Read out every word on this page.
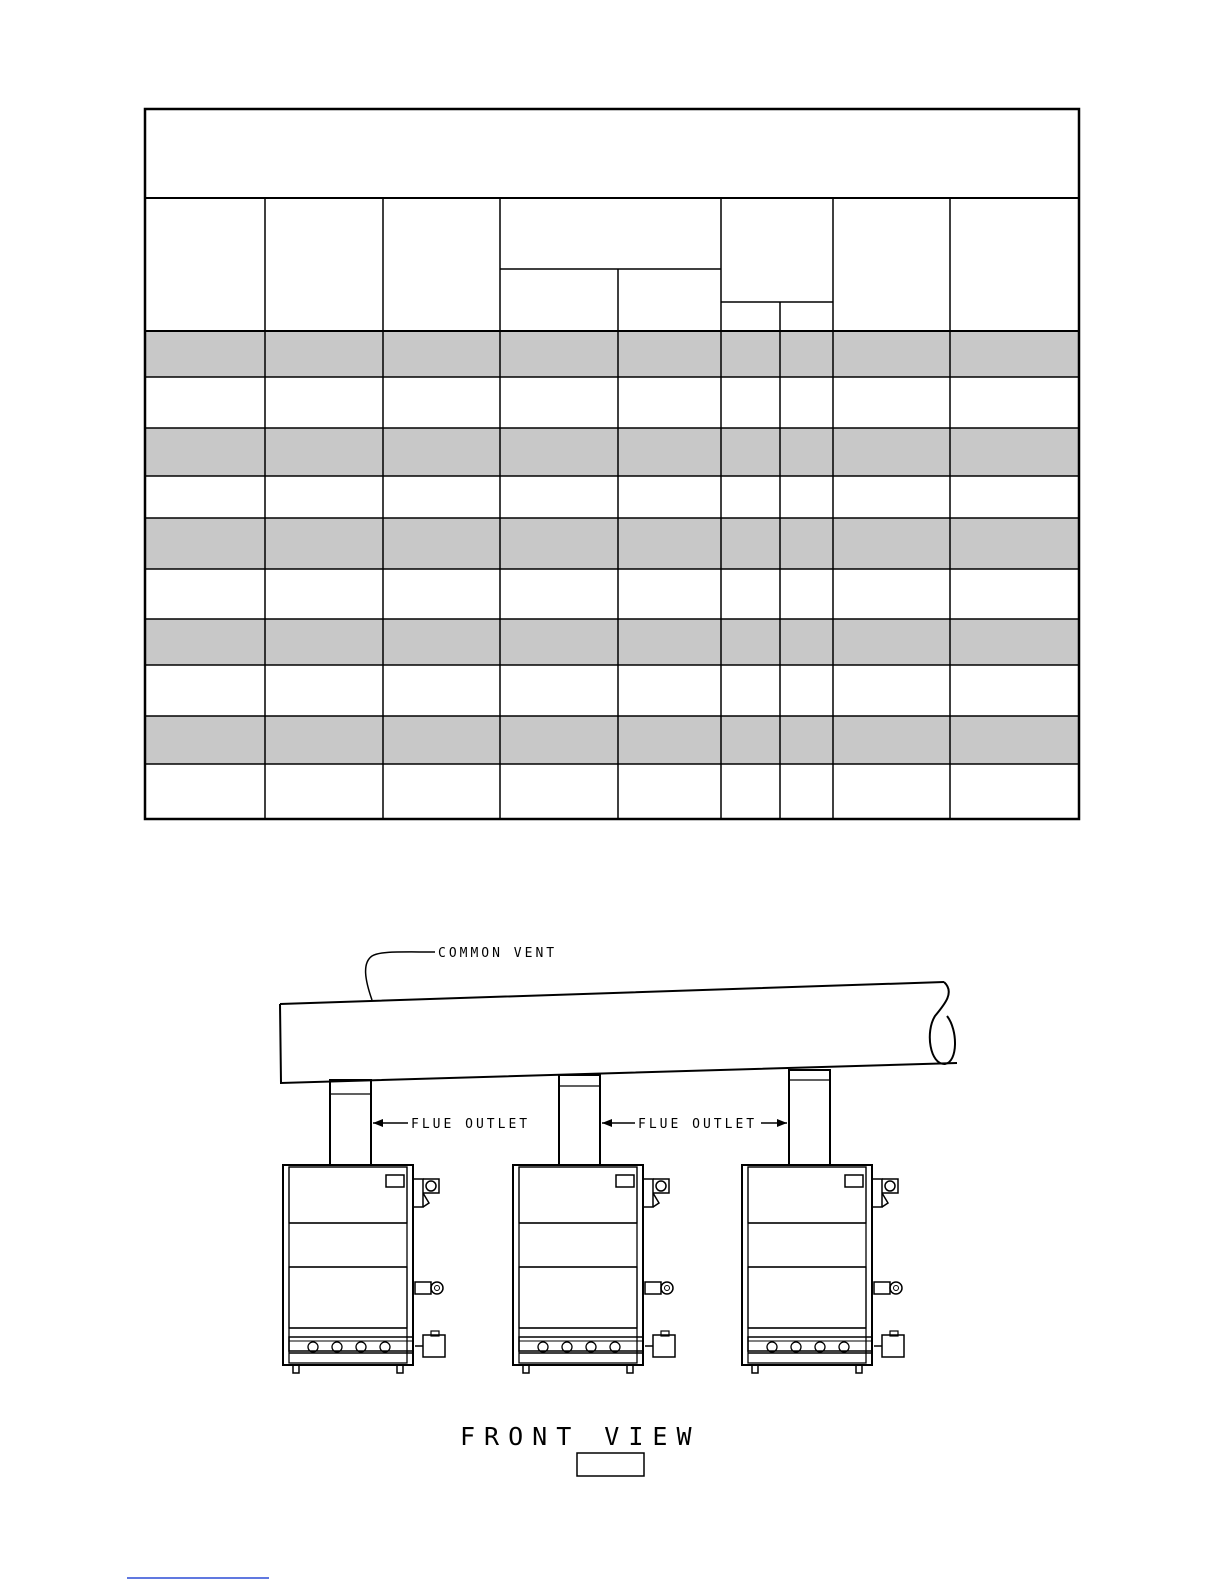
COMMON VENT
FLUE OUTLET	FLUE OUTLET
FRONT VIEW
